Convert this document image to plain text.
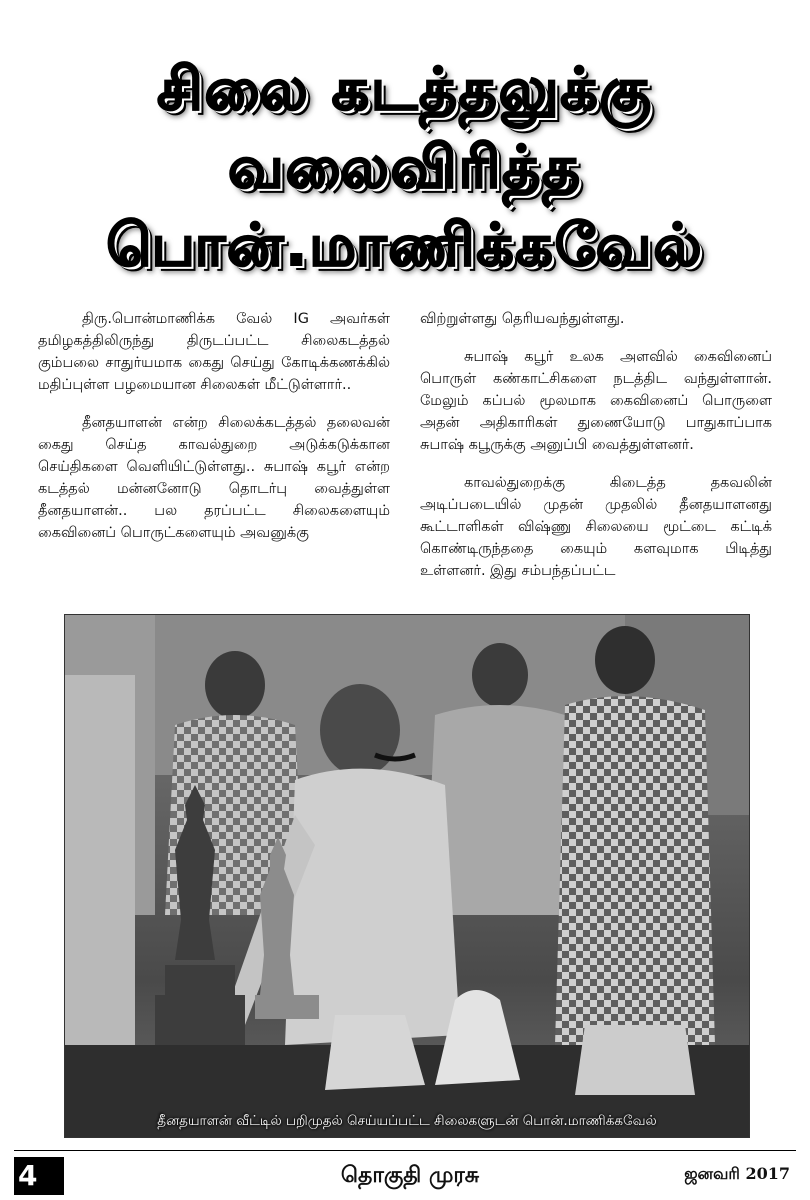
சிலை கடத்தலுக்கு
வலைவிரித்த
பொன்.மாணிக்கவேல்

திரு.பொன்மாணிக்க வேல் IG அவர்கள் தமிழகத்திலிருந்து திருடப்பட்ட சிலைகடத்தல் கும்பலை சாதுர்யமாக கைது செய்து கோடிக்கணக்கில் மதிப்புள்ள பழமையான சிலைகள் மீட்டுள்ளார்..

தீனதயாளன் என்ற சிலைக்கடத்தல் தலைவன் கைது செய்த காவல்துறை அடுக்கடுக்கான செய்திகளை வெளியிட்டுள்ளது.. சுபாஷ் கபூர் என்ற கடத்தல் மன்னனோடு தொடர்பு வைத்துள்ள தீனதயாளன்.. பல தரப்பட்ட சிலைகளையும் கைவினைப் பொருட்களையும் அவனுக்கு

விற்றுள்ளது தெரியவந்துள்ளது.

சுபாஷ் கபூர் உலக அளவில் கைவினைப் பொருள் கண்காட்சிகளை நடத்திட வந்துள்ளான். மேலும் கப்பல் மூலமாக கைவினைப் பொருளை அதன் அதிகாரிகள் துணையோடு பாதுகாப்பாக சுபாஷ் கபூருக்கு அனுப்பி வைத்துள்ளனர்.

காவல்துறைக்கு கிடைத்த தகவலின் அடிப்படையில் முதன் முதலில் தீனதயாளனது கூட்டாளிகள் விஷ்ணு சிலையை மூட்டை கட்டிக் கொண்டிருந்ததை கையும் களவுமாக பிடித்து உள்ளனர். இது சம்பந்தப்பட்ட

தீனதயாளன் வீட்டில் பறிமுதல் செய்யப்பட்ட சிலைகளுடன் பொன்.மாணிக்கவேல்
4	தொகுதி முரசு	ஜனவரி 2017
